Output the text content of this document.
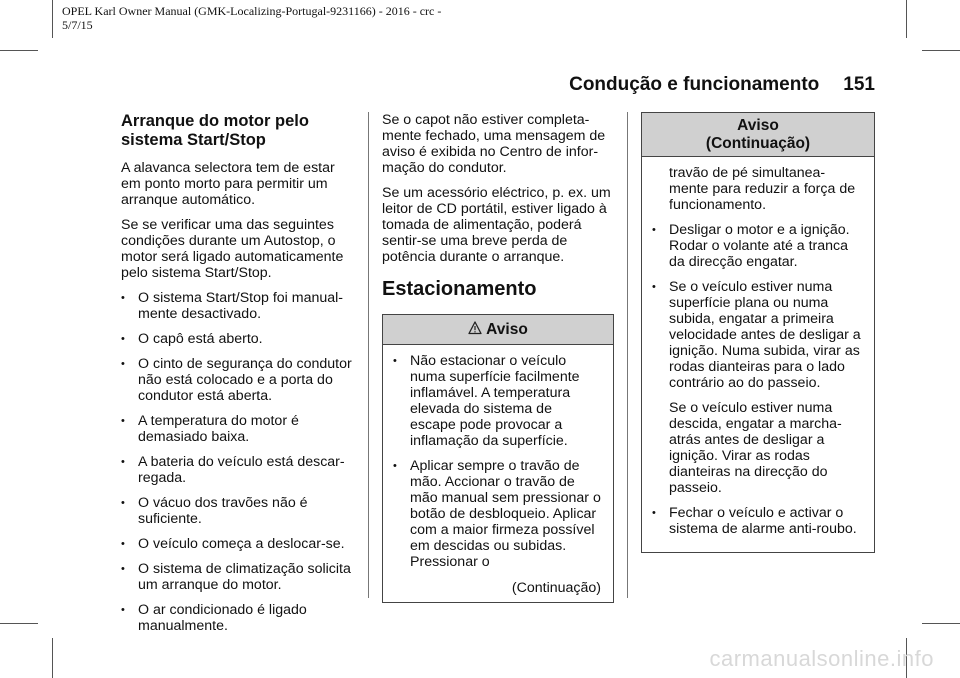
OPEL Karl Owner Manual (GMK-Localizing-Portugal-9231166) - 2016 - crc -
5/7/15
Condução e funcionamento 151
Arranque do motor pelo sistema Start/Stop

A alavanca selectora tem de estar em ponto morto para permitir um arranque automático.

Se se verificar uma das seguintes condições durante um Autostop, o motor será ligado automaticamente pelo sistema Start/Stop.

• O sistema Start/Stop foi manual-mente desactivado.
• O capô está aberto.
• O cinto de segurança do condutor não está colocado e a porta do condutor está aberta.
• A temperatura do motor é demasiado baixa.
• A bateria do veículo está descar-regada.
• O vácuo dos travões não é suficiente.
• O veículo começa a deslocar-se.
• O sistema de climatização solicita um arranque do motor.
• O ar condicionado é ligado manualmente.

Se o capot não estiver completa-mente fechado, uma mensagem de aviso é exibida no Centro de infor-mação do condutor.

Se um acessório eléctrico, p. ex. um leitor de CD portátil, estiver ligado à tomada de alimentação, poderá sentir-se uma breve perda de potência durante o arranque.

Estacionamento
Aviso
• Não estacionar o veículo numa superfície facilmente inflamável. A temperatura elevada do sistema de escape pode provocar a inflamação da superfície.
• Aplicar sempre o travão de mão. Accionar o travão de mão manual sem pressionar o botão de desbloqueio. Aplicar com a maior firmeza possível em descidas ou subidas. Pressionar o
(Continuação)
Aviso
(Continuação)

travão de pé simultanea-mente para reduzir a força de funcionamento.

• Desligar o motor e a ignição. Rodar o volante até a tranca da direcção engatar.
• Se o veículo estiver numa superfície plana ou numa subida, engatar a primeira velocidade antes de desligar a ignição. Numa subida, virar as rodas dianteiras para o lado contrário ao do passeio.

Se o veículo estiver numa descida, engatar a marcha-atrás antes de desligar a ignição. Virar as rodas dianteiras na direcção do passeio.

• Fechar o veículo e activar o sistema de alarme anti-roubo.
carmanualsonline.info
